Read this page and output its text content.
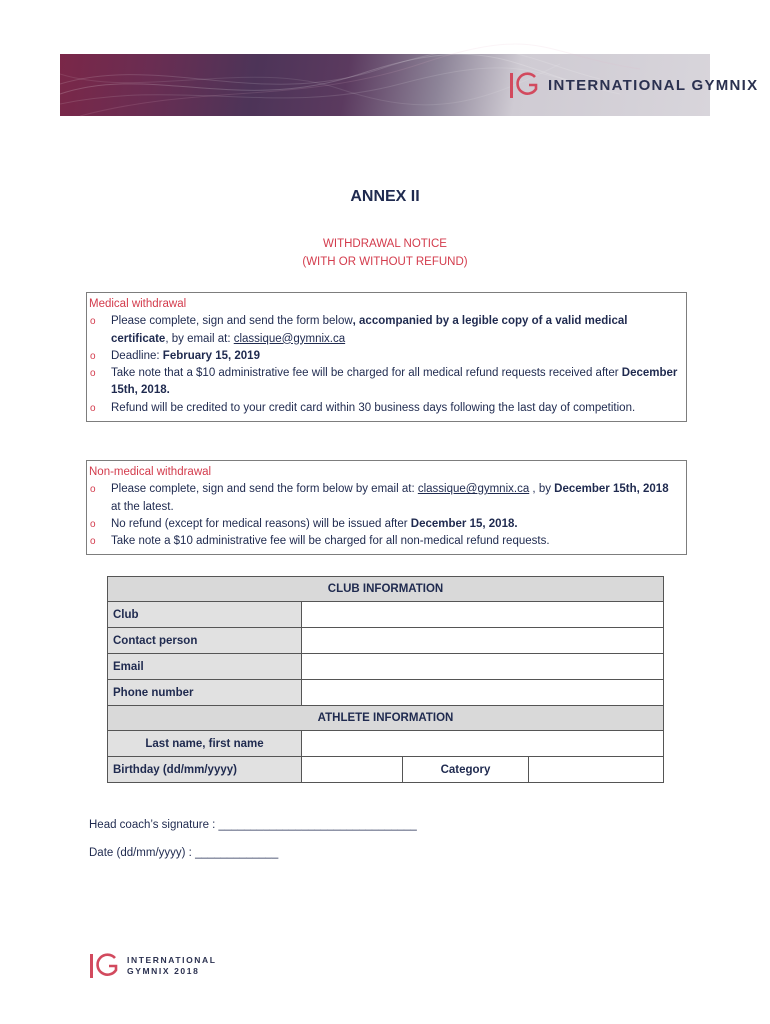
INTERNATIONAL GYMNIX
ANNEX II
WITHDRAWAL NOTICE
(WITH OR WITHOUT REFUND)
Medical withdrawal
o Please complete, sign and send the form below, accompanied by a legible copy of a valid medical certificate, by email at: classique@gymnix.ca
o Deadline: February 15, 2019
o Take note that a $10 administrative fee will be charged for all medical refund requests received after December 15th, 2018.
o Refund will be credited to your credit card within 30 business days following the last day of competition.
Non-medical withdrawal
o Please complete, sign and send the form below by email at: classique@gymnix.ca , by December 15th, 2018 at the latest.
o No refund (except for medical reasons) will be issued after December 15, 2018.
o Take note a $10 administrative fee will be charged for all non-medical refund requests.
CLUB INFORMATION			
Club			
Contact person			
Email			
Phone number			
ATHLETE INFORMATION			
Last name, first name			
Birthday (dd/mm/yyyy)		Category	
Head coach’s signature : _______________________________
Date (dd/mm/yyyy) : _____________
INTERNATIONAL
GYMNIX 2018
